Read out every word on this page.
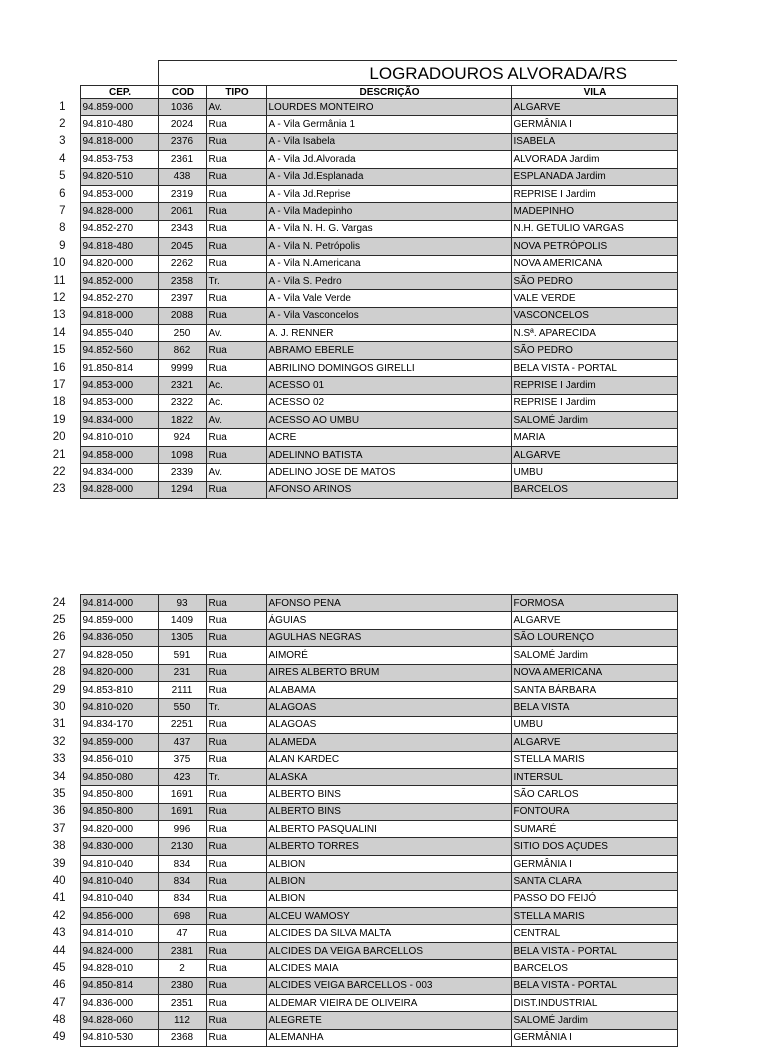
		LOGRADOUROS ALVORADA/RS			
	CEP.	COD	TIPO	DESCRIÇÃO	VILA
1	94.859-000	1036	Av.	LOURDES MONTEIRO	ALGARVE
2	94.810-480	2024	Rua	A - Vila Germânia 1	GERMÂNIA I
3	94.818-000	2376	Rua	A - Vila Isabela	ISABELA
4	94.853-753	2361	Rua	A - Vila Jd.Alvorada	ALVORADA Jardim
5	94.820-510	438	Rua	A - Vila Jd.Esplanada	ESPLANADA Jardim
6	94.853-000	2319	Rua	A - Vila Jd.Reprise	REPRISE I Jardim
7	94.828-000	2061	Rua	A - Vila Madepinho	MADEPINHO
8	94.852-270	2343	Rua	A - Vila N. H. G. Vargas	N.H. GETULIO VARGAS
9	94.818-480	2045	Rua	A - Vila N. Petrópolis	NOVA PETRÓPOLIS
10	94.820-000	2262	Rua	A - Vila N.Americana	NOVA AMERICANA
11	94.852-000	2358	Tr.	A - Vila S. Pedro	SÃO PEDRO
12	94.852-270	2397	Rua	A - Vila Vale Verde	VALE VERDE
13	94.818-000	2088	Rua	A - Vila Vasconcelos	VASCONCELOS
14	94.855-040	250	Av.	A. J. RENNER	N.Sª. APARECIDA
15	94.852-560	862	Rua	ABRAMO EBERLE	SÃO PEDRO
16	91.850-814	9999	Rua	ABRILINO DOMINGOS GIRELLI	BELA VISTA - PORTAL
17	94.853-000	2321	Ac.	ACESSO 01	REPRISE I Jardim
18	94.853-000	2322	Ac.	ACESSO 02	REPRISE I Jardim
19	94.834-000	1822	Av.	ACESSO AO UMBU	SALOMÉ Jardim
20	94.810-010	924	Rua	ACRE	MARIA
21	94.858-000	1098	Rua	ADELINNO BATISTA	ALGARVE
22	94.834-000	2339	Av.	ADELINO JOSE DE MATOS	UMBU
23	94.828-000	1294	Rua	AFONSO ARINOS	BARCELOS
24	94.814-000	93	Rua	AFONSO PENA	FORMOSA
25	94.859-000	1409	Rua	ÁGUIAS	ALGARVE
26	94.836-050	1305	Rua	AGULHAS NEGRAS	SÃO LOURENÇO
27	94.828-050	591	Rua	AIMORÉ	SALOMÉ Jardim
28	94.820-000	231	Rua	AIRES ALBERTO BRUM	NOVA AMERICANA
29	94.853-810	2111	Rua	ALABAMA	SANTA BÁRBARA
30	94.810-020	550	Tr.	ALAGOAS	BELA VISTA
31	94.834-170	2251	Rua	ALAGOAS	UMBU
32	94.859-000	437	Rua	ALAMEDA	ALGARVE
33	94.856-010	375	Rua	ALAN KARDEC	STELLA MARIS
34	94.850-080	423	Tr.	ALASKA	INTERSUL
35	94.850-800	1691	Rua	ALBERTO BINS	SÃO CARLOS
36	94.850-800	1691	Rua	ALBERTO BINS	FONTOURA
37	94.820-000	996	Rua	ALBERTO PASQUALINI	SUMARÉ
38	94.830-000	2130	Rua	ALBERTO TORRES	SITIO DOS AÇUDES
39	94.810-040	834	Rua	ALBION	GERMÂNIA I
40	94.810-040	834	Rua	ALBION	SANTA CLARA
41	94.810-040	834	Rua	ALBION	PASSO DO FEIJÓ
42	94.856-000	698	Rua	ALCEU WAMOSY	STELLA MARIS
43	94.814-010	47	Rua	ALCIDES DA SILVA MALTA	CENTRAL
44	94.824-000	2381	Rua	ALCIDES DA VEIGA BARCELLOS	BELA VISTA - PORTAL
45	94.828-010	2	Rua	ALCIDES MAIA	BARCELOS
46	94.850-814	2380	Rua	ALCIDES VEIGA BARCELLOS - 003	BELA VISTA - PORTAL
47	94.836-000	2351	Rua	ALDEMAR VIEIRA DE OLIVEIRA	DIST.INDUSTRIAL
48	94.828-060	112	Rua	ALEGRETE	SALOMÉ Jardim
49	94.810-530	2368	Rua	ALEMANHA	GERMÂNIA I
